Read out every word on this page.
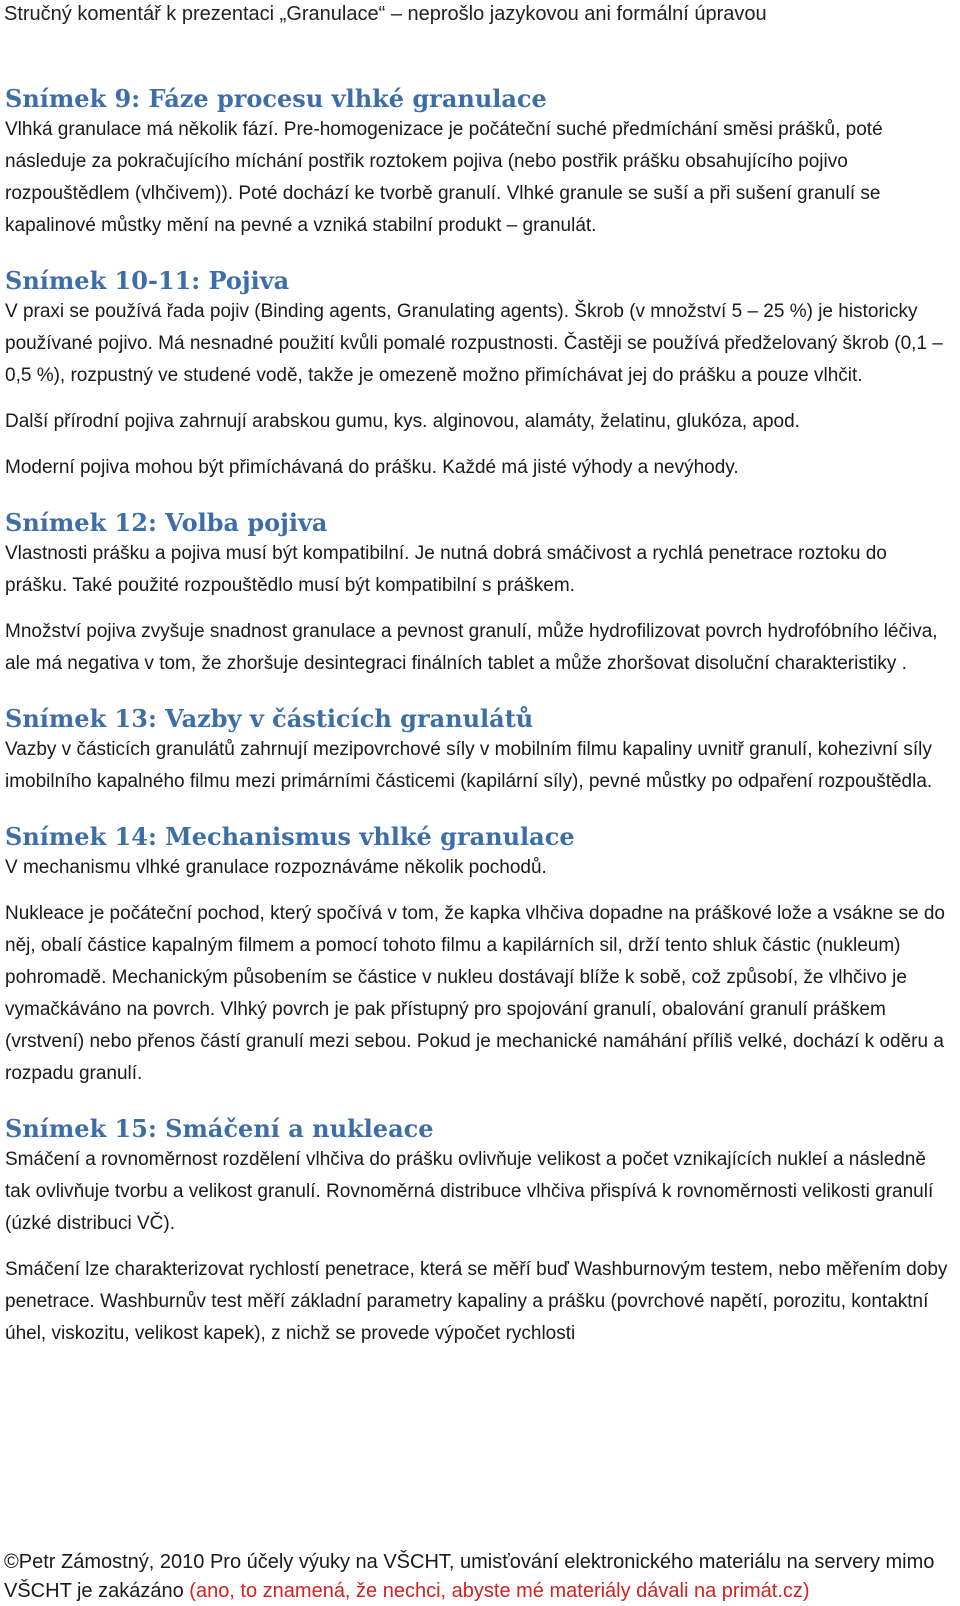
Stručný komentář k prezentaci „Granulace“ – neprošlo jazykovou ani formální úpravou
Snímek 9: Fáze procesu vlhké granulace

Vlhká granulace má několik fází. Pre-homogenizace je počáteční suché předmíchání směsi prášků, poté následuje za pokračujícího míchání postřik roztokem pojiva (nebo postřik prášku obsahujícího pojivo rozpouštědlem (vlhčivem)). Poté dochází ke tvorbě granulí. Vlhké granule se suší a při sušení granulí se kapalinové můstky mění na pevné a vzniká stabilní produkt – granulát.

Snímek 10-11: Pojiva

V praxi se používá řada pojiv (Binding agents, Granulating agents). Škrob (v množství 5 – 25 %) je historicky používané pojivo. Má nesnadné použití kvůli pomalé rozpustnosti. Častěji se používá předželovaný škrob (0,1 – 0,5 %), rozpustný ve studené vodě, takže je omezeně možno přimíchávat jej do prášku a pouze vlhčit.

Další přírodní pojiva zahrnují arabskou gumu, kys. alginovou, alamáty, želatinu, glukóza, apod.

Moderní pojiva mohou být přimíchávaná do prášku. Každé má jisté výhody a nevýhody.

Snímek 12: Volba pojiva

Vlastnosti prášku a pojiva musí být kompatibilní. Je nutná dobrá smáčivost a rychlá penetrace roztoku do prášku. Také použité rozpouštědlo musí být kompatibilní s práškem.

Množství pojiva zvyšuje snadnost granulace a pevnost granulí, může hydrofilizovat povrch hydrofóbního léčiva, ale má negativa v tom, že zhoršuje desintegraci finálních tablet a může zhoršovat disoluční charakteristiky .

Snímek 13: Vazby v částicích granulátů

Vazby v částicích granulátů zahrnují mezipovrchové síly v mobilním filmu kapaliny uvnitř granulí, kohezivní síly imobilního kapalného filmu mezi primárními částicemi (kapilární síly), pevné můstky po odpaření rozpouštědla.

Snímek 14: Mechanismus vhlké granulace

V mechanismu vlhké granulace rozpoznáváme několik pochodů.

Nukleace je počáteční pochod, který spočívá v tom, že kapka vlhčiva dopadne na práškové lože a vsákne se do něj, obalí částice kapalným filmem a pomocí tohoto filmu a kapilárních sil, drží tento shluk částic (nukleum) pohromadě. Mechanickým působením se částice v nukleu dostávají blíže k sobě, což způsobí, že vlhčivo je vymačkáváno na povrch. Vlhký povrch je pak přístupný pro spojování granulí, obalování granulí práškem (vrstvení) nebo přenos částí granulí mezi sebou. Pokud je mechanické namáhání příliš velké, dochází k oděru a rozpadu granulí.

Snímek 15: Smáčení a nukleace

Smáčení a rovnoměrnost rozdělení vlhčiva do prášku ovlivňuje velikost a počet vznikajících nukleí a následně tak ovlivňuje tvorbu a velikost granulí. Rovnoměrná distribuce vlhčiva přispívá k rovnoměrnosti velikosti granulí (úzké distribuci VČ).

Smáčení lze charakterizovat rychlostí penetrace, která se měří buď Washburnovým testem, nebo měřením doby penetrace. Washburnův test měří základní parametry kapaliny a prášku (povrchové napětí, porozitu, kontaktní úhel, viskozitu, velikost kapek), z nichž se provede výpočet rychlosti

©Petr Zámostný, 2010 Pro účely výuky na VŠCHT, umisťování elektronického materiálu na servery mimo VŠCHT je zakázáno (ano, to znamená, že nechci, abyste mé materiály dávali na primát.cz)
